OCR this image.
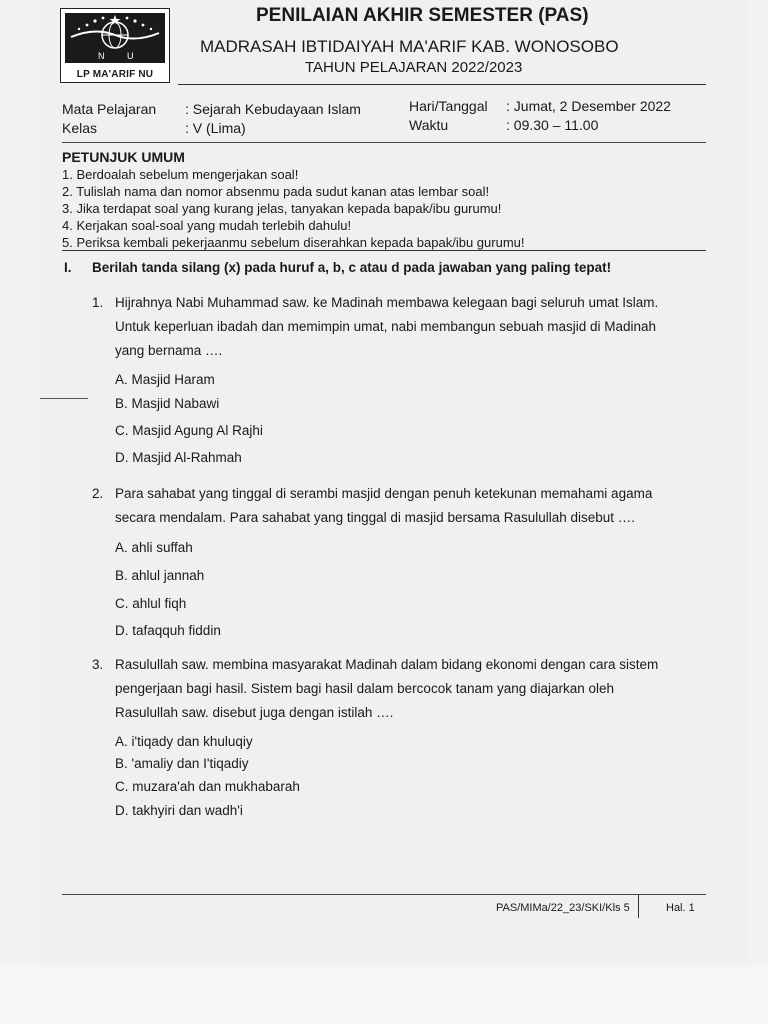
N	U
LP MA'ARIF NU
PENILAIAN AKHIR SEMESTER (PAS)
MADRASAH IBTIDAIYAH MA'ARIF KAB. WONOSOBO
TAHUN PELAJARAN 2022/2023
Mata Pelajaran : Sejarah Kebudayaan Islam
Kelas	: V (Lima)
Hari/Tanggal : Jumat, 2 Desember 2022
Waktu	: 09.30 – 11.00
PETUNJUK UMUM
1. Berdoalah sebelum mengerjakan soal!
2. Tulislah nama dan nomor absenmu pada sudut kanan atas lembar soal!
3. Jika terdapat soal yang kurang jelas, tanyakan kepada bapak/ibu gurumu!
4. Kerjakan soal-soal yang mudah terlebih dahulu!
5. Periksa kembali pekerjaanmu sebelum diserahkan kepada bapak/ibu gurumu!
I. Berilah tanda silang (x) pada huruf a, b, c atau d pada jawaban yang paling tepat!
1. Hijrahnya Nabi Muhammad saw. ke Madinah membawa kelegaan bagi seluruh umat Islam.
Untuk keperluan ibadah dan memimpin umat, nabi membangun sebuah masjid di Madinah
yang bernama ….
A. Masjid Haram
B. Masjid Nabawi
C. Masjid Agung Al Rajhi
D. Masjid Al-Rahmah
2. Para sahabat yang tinggal di serambi masjid dengan penuh ketekunan memahami agama
secara mendalam. Para sahabat yang tinggal di masjid bersama Rasulullah disebut ….
A. ahli suffah
B. ahlul jannah
C. ahlul fiqh
D. tafaqquh fiddin
3. Rasulullah saw. membina masyarakat Madinah dalam bidang ekonomi dengan cara sistem
pengerjaan bagi hasil. Sistem bagi hasil dalam bercocok tanam yang diajarkan oleh
Rasulullah saw. disebut juga dengan istilah ….
A. i'tiqady dan khuluqiy
B. 'amaliy dan I'tiqadiy
C. muzara'ah dan mukhabarah
D. takhyiri dan wadh'i
PAS/MIMa/22_23/SKI/Kls 5	Hal. 1
